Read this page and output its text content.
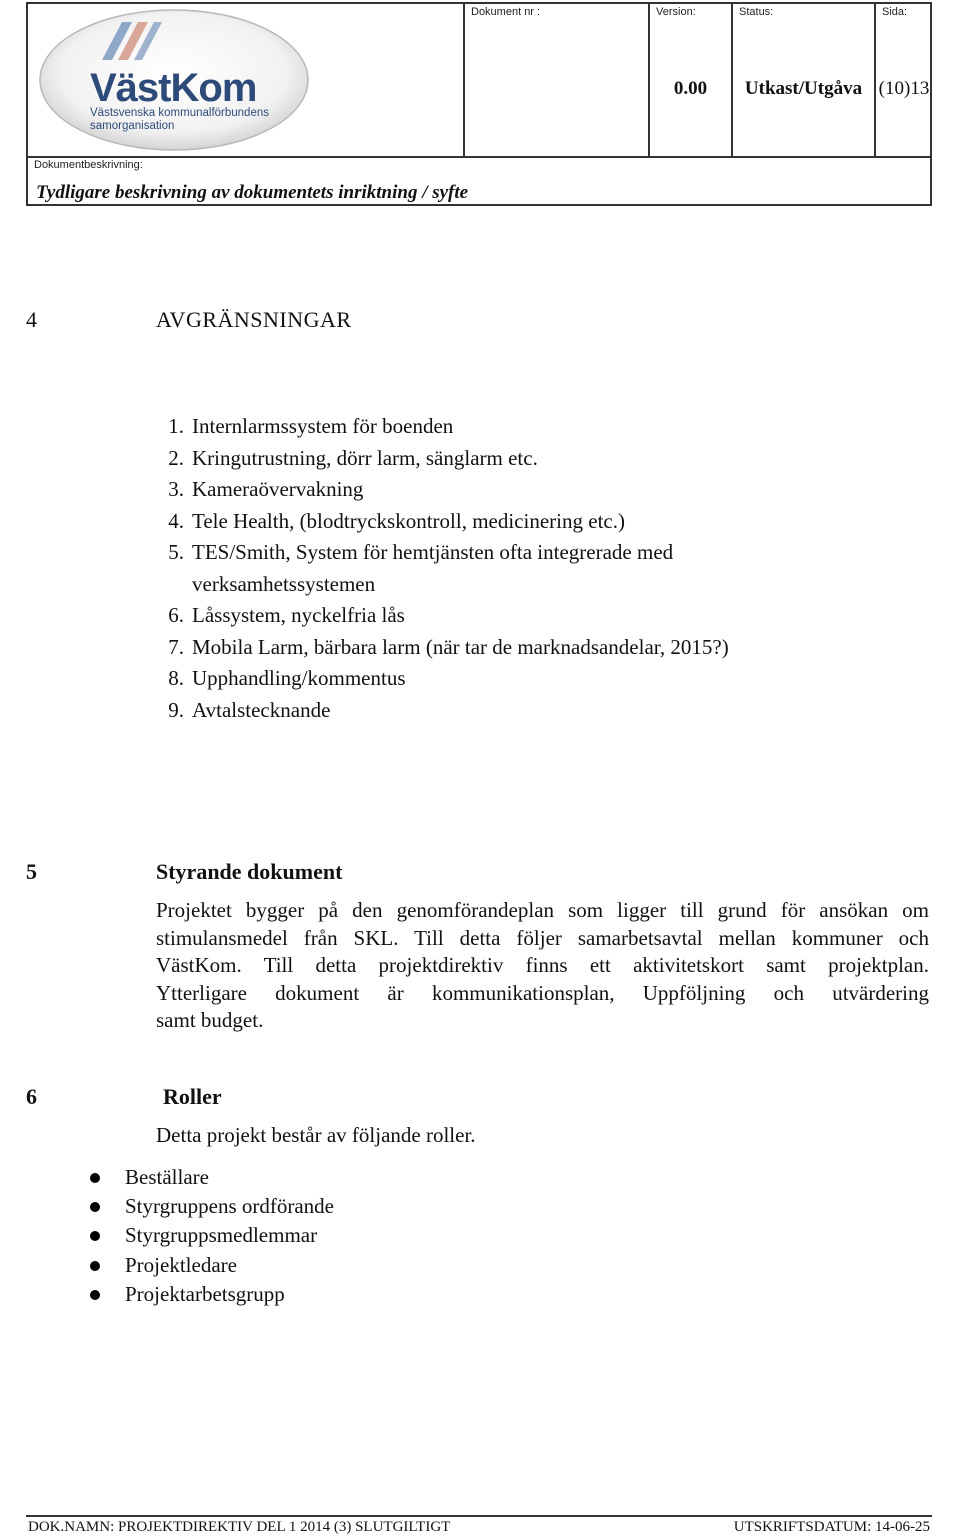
VästKom
Västsvenska kommunalförbundens
samorganisation
Dokument nr :	Version:
0.00
Status:
Utkast/Utgåva
Sida:
(10)13
Dokumentbeskrivning:
Tydligare beskrivning av dokumentets inriktning / syfte
4	AVGRÄNSNINGAR
1. Internlarmssystem för boenden
2. Kringutrustning, dörr larm, sänglarm etc.
3. Kameraövervakning
4. Tele Health, (blodtryckskontroll, medicinering etc.)
5. TES/Smith, System för hemtjänsten ofta integrerade med
verksamhetssystemen
6. Låssystem, nyckelfria lås
7. Mobila Larm, bärbara larm (när tar de marknadsandelar, 2015?)
8. Upphandling/kommentus
9. Avtalstecknande
5	Styrande dokument
Projektet bygger på den genomförandeplan som ligger till grund för ansökan om
stimulansmedel från SKL. Till detta följer samarbetsavtal mellan kommuner och
VästKom. Till detta projektdirektiv finns ett aktivitetskort samt projektplan.
Ytterligare dokument är kommunikationsplan, Uppföljning och utvärdering
samt budget.
6	Roller
Detta projekt består av följande roller.
Beställare
Styrgruppens ordförande
Styrgruppsmedlemmar
Projektledare
Projektarbetsgrupp
DOK.NAMN: PROJEKTDIREKTIV DEL 1 2014 (3) SLUTGILTIGT	UTSKRIFTSDATUM: 14-06-25
